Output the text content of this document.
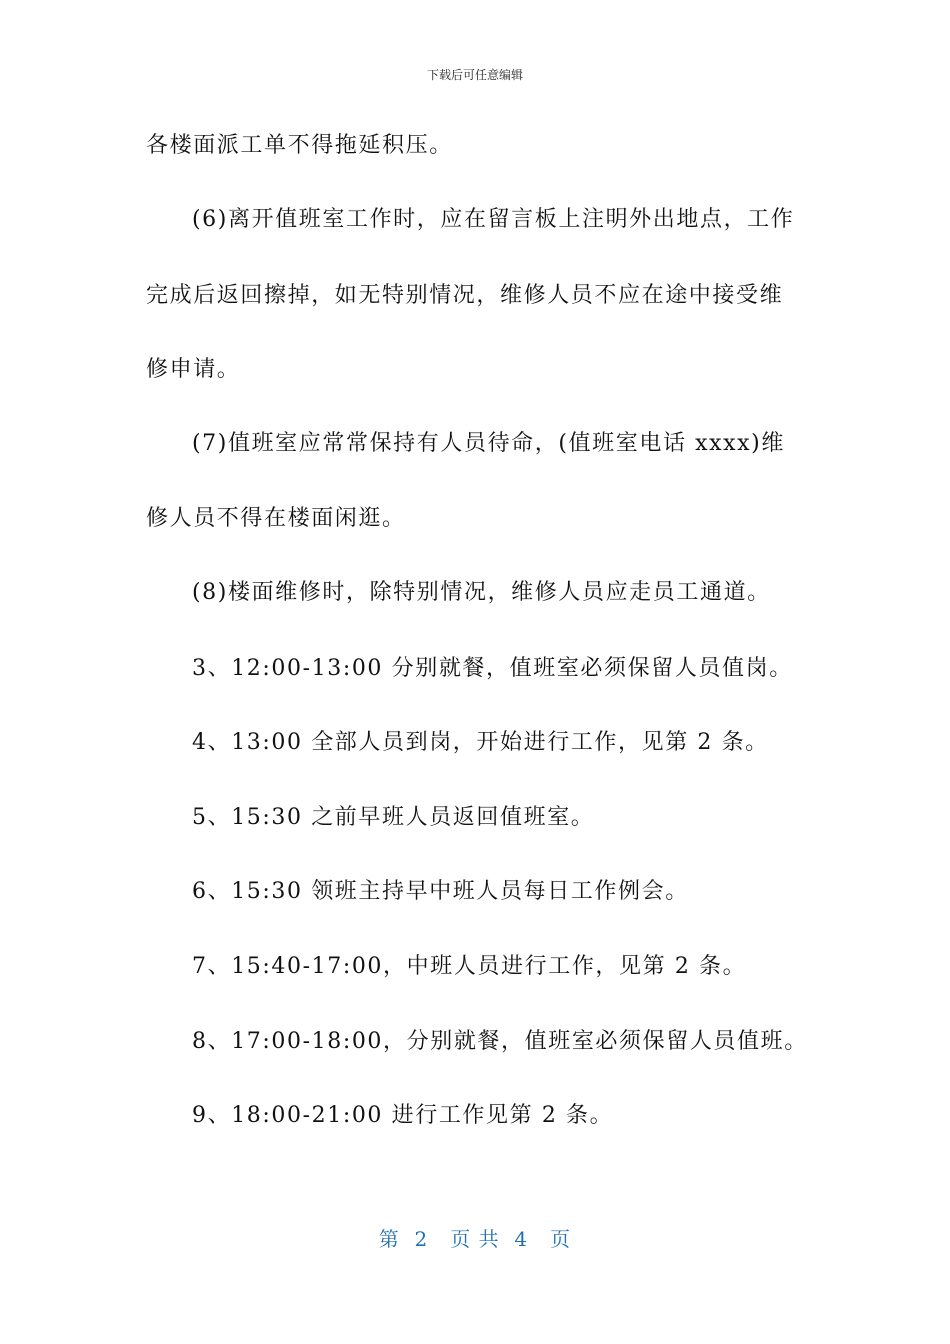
下载后可任意编辑
各楼面派工单不得拖延积压。
(6)离开值班室工作时，应在留言板上注明外出地点，工作
完成后返回擦掉，如无特别情况，维修人员不应在途中接受维
修申请。
(7)值班室应常常保持有人员待命，(值班室电话 xxxx)维
修人员不得在楼面闲逛。
(8)楼面维修时，除特别情况，维修人员应走员工通道。
3、12:00-13:00 分别就餐，值班室必须保留人员值岗。
4、13:00 全部人员到岗，开始进行工作，见第 2 条。
5、15:30 之前早班人员返回值班室。
6、15:30 领班主持早中班人员每日工作例会。
7、15:40-17:00，中班人员进行工作，见第 2 条。
8、17:00-18:00，分别就餐，值班室必须保留人员值班。
9、18:00-21:00 进行工作见第 2 条。
第  2   页 共  4   页
